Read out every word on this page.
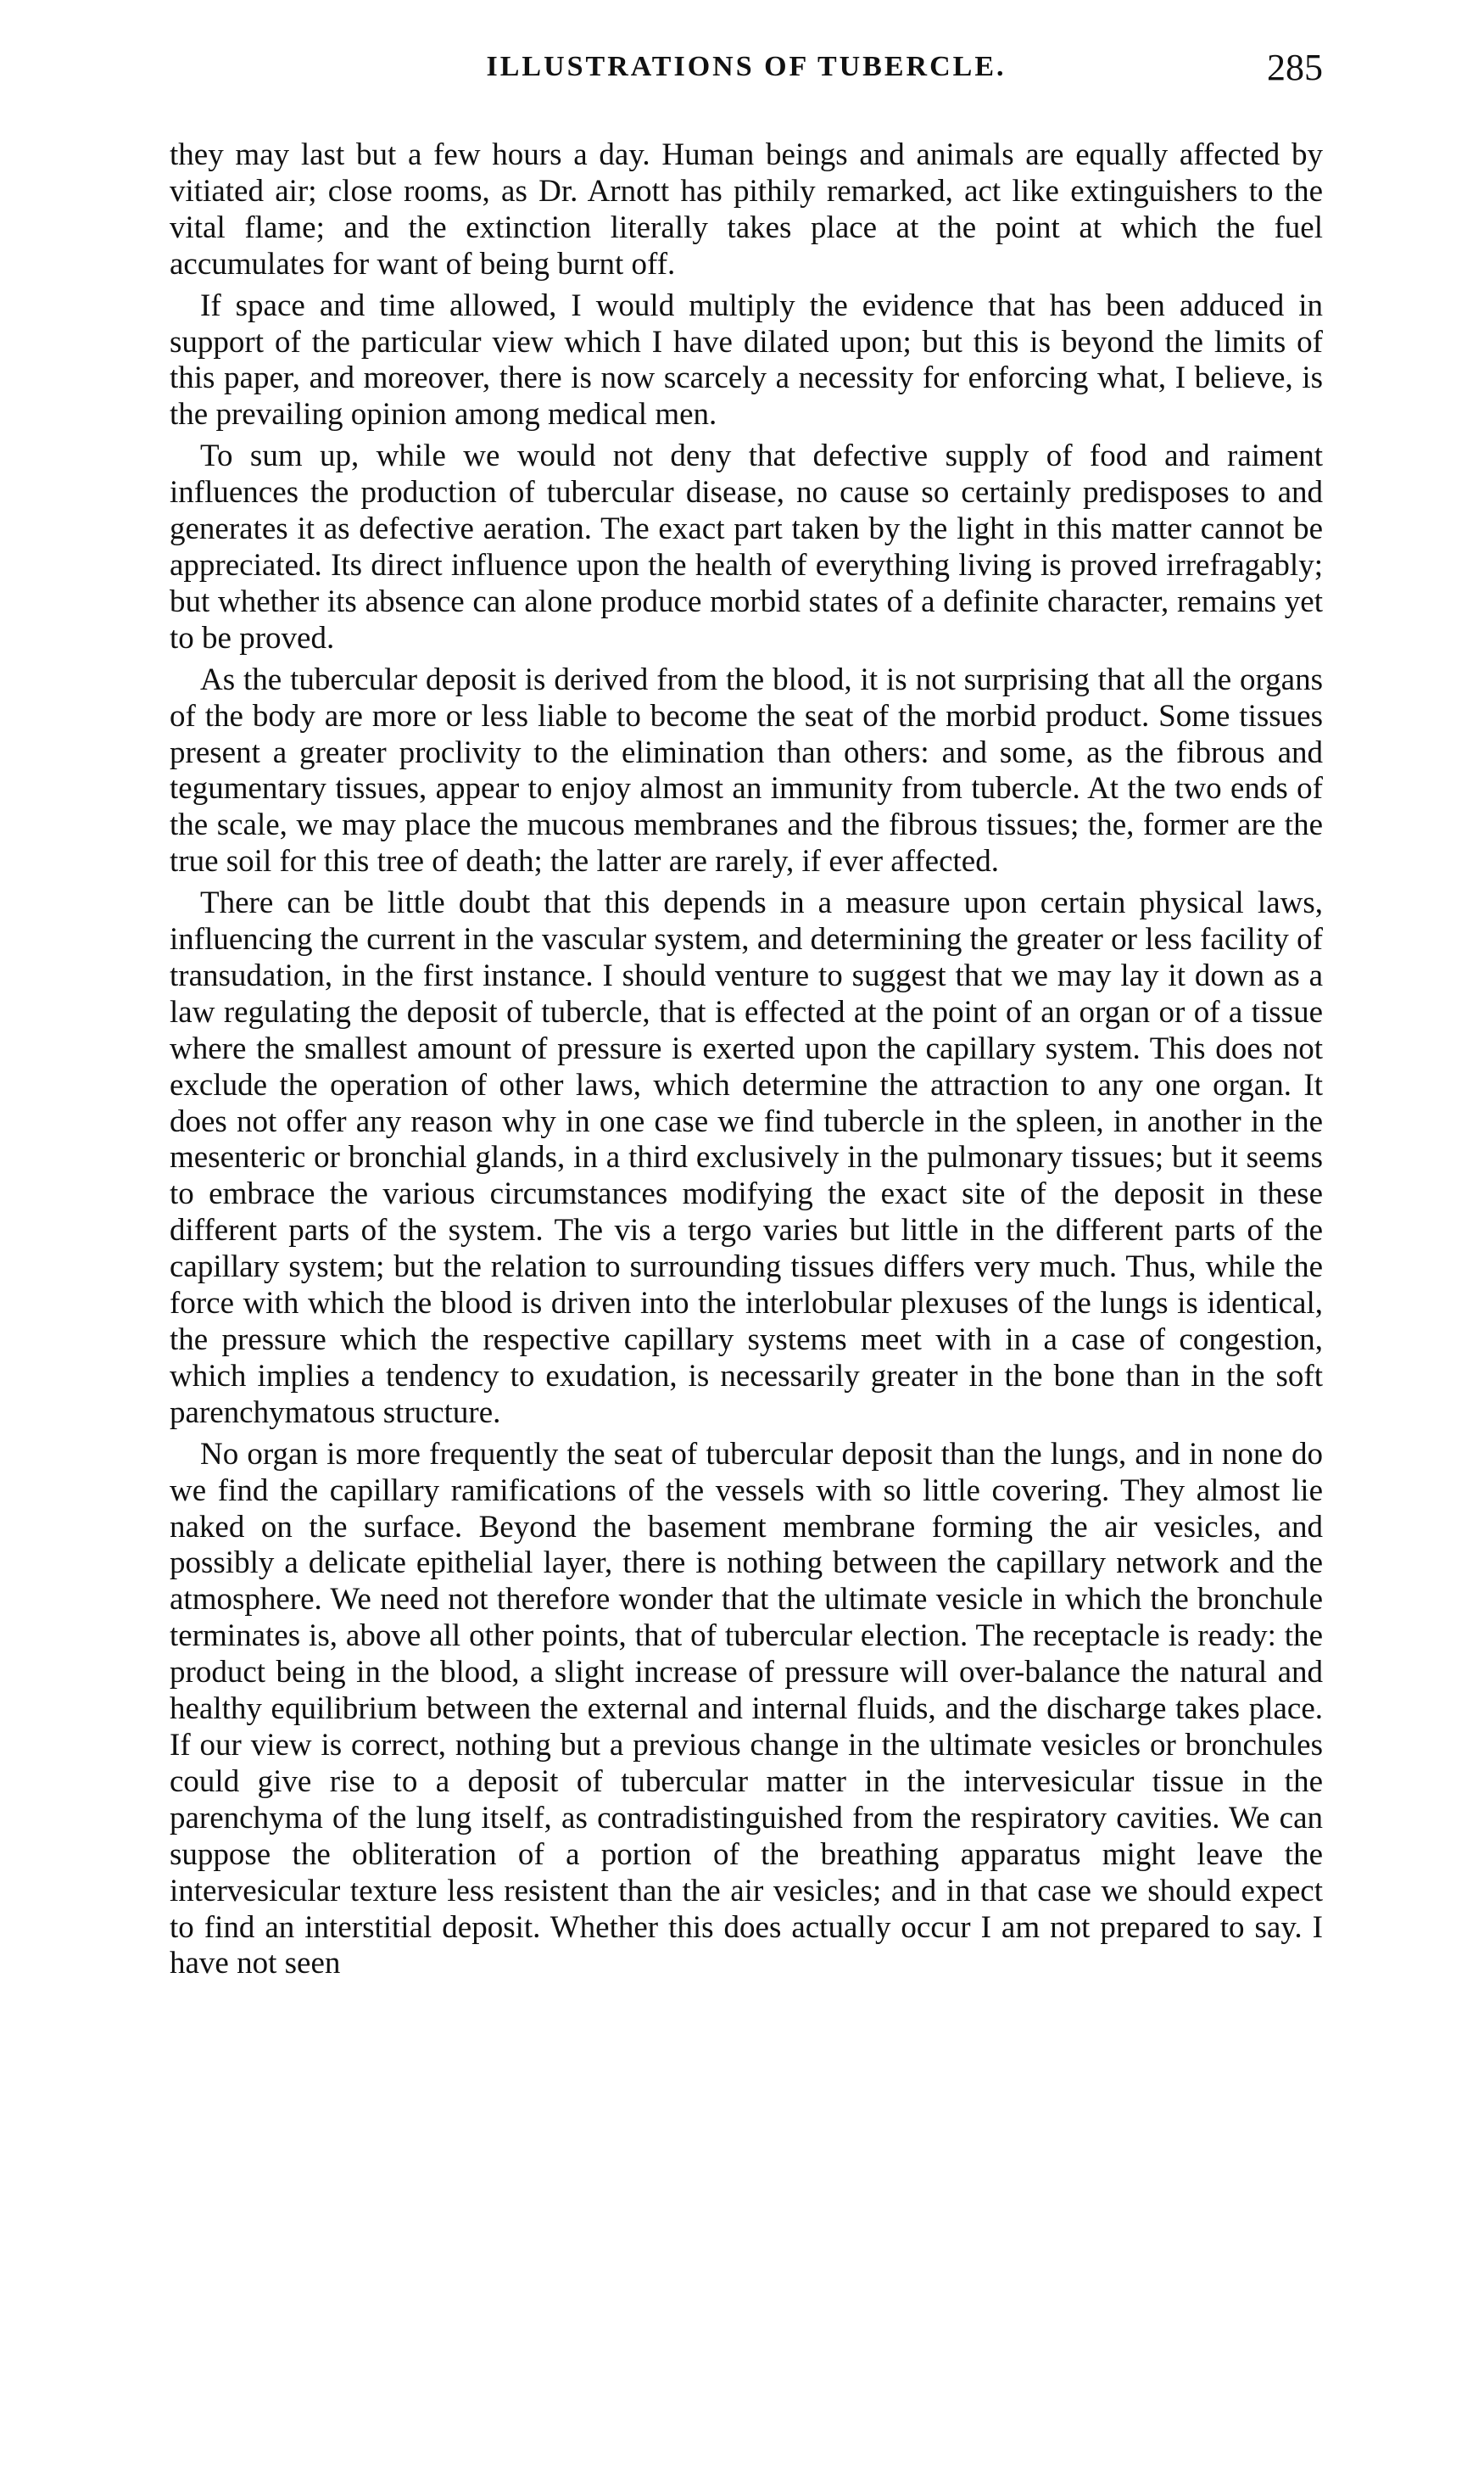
ILLUSTRATIONS OF TUBERCLE.	285

they may last but a few hours a day. Human beings and animals are equally affected by vitiated air; close rooms, as Dr. Arnott has pithily remarked, act like extinguishers to the vital flame; and the extinction literally takes place at the point at which the fuel accumulates for want of being burnt off.

If space and time allowed, I would multiply the evidence that has been adduced in support of the particular view which I have dilated upon; but this is beyond the limits of this paper, and moreover, there is now scarcely a necessity for enforcing what, I believe, is the prevailing opinion among medical men.

To sum up, while we would not deny that defective supply of food and raiment influences the production of tubercular disease, no cause so certainly predisposes to and generates it as defective aeration. The exact part taken by the light in this matter cannot be appreciated. Its direct influence upon the health of everything living is proved irrefragably; but whether its absence can alone produce morbid states of a definite character, remains yet to be proved.

As the tubercular deposit is derived from the blood, it is not surprising that all the organs of the body are more or less liable to become the seat of the morbid product. Some tissues present a greater proclivity to the elimination than others: and some, as the fibrous and tegumentary tissues, appear to enjoy almost an immunity from tubercle. At the two ends of the scale, we may place the mucous membranes and the fibrous tissues; the, former are the true soil for this tree of death; the latter are rarely, if ever affected.

There can be little doubt that this depends in a measure upon certain physical laws, influencing the current in the vascular system, and determining the greater or less facility of transudation, in the first instance. I should venture to suggest that we may lay it down as a law regulating the deposit of tubercle, that is effected at the point of an organ or of a tissue where the smallest amount of pressure is exerted upon the capillary system. This does not exclude the operation of other laws, which determine the attraction to any one organ. It does not offer any reason why in one case we find tubercle in the spleen, in another in the mesenteric or bronchial glands, in a third exclusively in the pulmonary tissues; but it seems to embrace the various circumstances modifying the exact site of the deposit in these different parts of the system. The vis a tergo varies but little in the different parts of the capillary system; but the relation to surrounding tissues differs very much. Thus, while the force with which the blood is driven into the interlobular plexuses of the lungs is identical, the pressure which the respective capillary systems meet with in a case of congestion, which implies a tendency to exudation, is necessarily greater in the bone than in the soft parenchymatous structure.

No organ is more frequently the seat of tubercular deposit than the lungs, and in none do we find the capillary ramifications of the vessels with so little covering. They almost lie naked on the surface. Beyond the basement membrane forming the air vesicles, and possibly a delicate epithelial layer, there is nothing between the capillary network and the atmosphere. We need not therefore wonder that the ultimate vesicle in which the bronchule terminates is, above all other points, that of tubercular election. The receptacle is ready: the product being in the blood, a slight increase of pressure will over-balance the natural and healthy equilibrium between the external and internal fluids, and the discharge takes place. If our view is correct, nothing but a previous change in the ultimate vesicles or bronchules could give rise to a deposit of tubercular matter in the intervesicular tissue in the parenchyma of the lung itself, as contradistinguished from the respiratory cavities. We can suppose the obliteration of a portion of the breathing apparatus might leave the intervesicular texture less resistent than the air vesicles; and in that case we should expect to find an interstitial deposit. Whether this does actually occur I am not prepared to say. I have not seen
